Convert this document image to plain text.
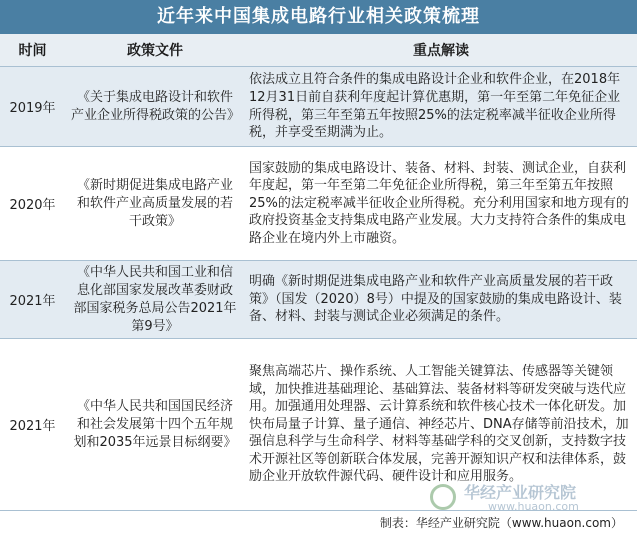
近年来中国集成电路行业相关政策梳理
时间	政策文件	重点解读
2019年	《关于集成电路设计和软件产业企业所得税政策的公告》	依法成立且符合条件的集成电路设计企业和软件企业，在2018年12月31日前自获利年度起计算优惠期，第一年至第二年免征企业所得税，第三年至第五年按照25%的法定税率减半征收企业所得税，并享受至期满为止。
2020年	《新时期促进集成电路产业和软件产业高质量发展的若干政策》	国家鼓励的集成电路设计、装备、材料、封装、测试企业，自获利年度起，第一年至第二年免征企业所得税，第三年至第五年按照25%的法定税率减半征收企业所得税。充分利用国家和地方现有的政府投资基金支持集成电路产业发展。大力支持符合条件的集成电路企业在境内外上市融资。
2021年	《中华人民共和国工业和信息化部国家发展改革委财政部国家税务总局公告2021年第9号》	明确《新时期促进集成电路产业和软件产业高质量发展的若干政策》（国发（2020）8号）中提及的国家鼓励的集成电路设计、装备、材料、封装与测试企业必须满足的条件。
2021年	《中华人民共和国国民经济和社会发展第十四个五年规划和2035年远景目标纲要》	聚焦高端芯片、操作系统、人工智能关键算法、传感器等关键领域，加快推进基础理论、基础算法、装备材料等研发突破与迭代应用。加强通用处理器、云计算系统和软件核心技术一体化研发。加快布局量子计算、量子通信、神经芯片、DNA存储等前沿技术，加强信息科学与生命科学、材料等基础学科的交叉创新，支持数字技术开源社区等创新联合体发展，完善开源知识产权和法律体系，鼓励企业开放软件源代码、硬件设计和应用服务。
华经产业研究院
www.huaon.com
制表：华经产业研究院（www.huaon.com）
